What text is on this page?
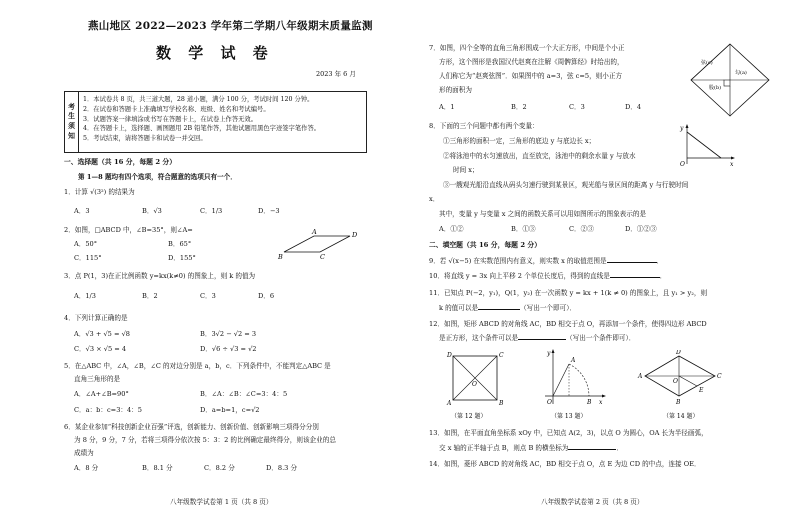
燕山地区 2022—2023 学年第二学期八年级期末质量监测
数 学 试 卷
2023 年 6 月
考
生
须
知
1．本试卷共 8 页，共三道大题，28 道小题，满分 100 分，考试时间 120 分钟。
2．在试卷和答题卡上准确填写学校名称、班级、姓名和考试编号。
3．试题答案一律填涂或书写在答题卡上，在试卷上作答无效。
4．在答题卡上，选择题、画图题用 2B 铅笔作答，其他试题用黑色字迹签字笔作答。
5．考试结束，请将答题卡和试卷一并交回。
一、选择题（共 16 分，每题 2 分）
第 1—8 题均有四个选项，符合题意的选项只有一个．
1．计算 √(3²) 的结果为
A．3	B．√3	C．1/3	D．−3
2．如图，□ABCD 中，∠B=35°，则∠A=
A．50°	B．65°
C．115°	D．155°
A	D
B	C
3．点 P(1，3)在正比例函数 y=kx(k≠0) 的图象上，则 k 的值为
A．1/3	B．2	C．3	D．6
4．下列计算正确的是
A．√3 + √5 = √8	B．3√2 − √2 = 3
C．√3 × √5 = 4	D．√6 ÷ √3 = √2
5．在△ABC 中，∠A，∠B，∠C 的对边分别是 a，b，c．下列条件中，不能判定△ABC 是
直角三角形的是
A．∠A+∠B=90°	B．∠A：∠B：∠C=3：4：5
C．a：b：c=3：4：5	D．a=b=1，c=√2
6．某企业参加“科技创新企业百强”评选，创新能力、创新价值、创新影响三项得分分别
为 8 分，9 分，7 分，若将三项得分依次按 5：3：2 的比例确定最终得分，则该企业的总
成绩为
A．8 分	B．8.1 分	C．8.2 分	D．8.3 分
八年级数学试卷第 1 页（共 8 页）
7．如图，四个全等的直角三角形围成一个大正方形，中间是个小正
方形，这个图形是我国汉代赵爽在注解《周髀算经》时给出的，
人们称它为“赵爽弦图”．如果图中的 a=3，弦 c=5，则小正方
形的面积为
A．1	B．2	C．3	D．4
弦(c)
勾(a)
股(b)
8．下面的三个问题中都有两个变量：
①三角形的面积一定，三角形的底边 y 与底边长 x；
②将泳池中的水匀速放出，直至放完，泳池中的剩余水量 y 与放水
时间 x；
③一艘观光船沿直线从码头匀速行驶到某景区，观光船与景区间的距离 y 与行驶时间
x．
其中，变量 y 与变量 x 之间的函数关系可以用如图所示的图象表示的是
A．①②	B．①③	C．②③	D．①②③
y
x
O
二、填空题（共 16 分，每题 2 分）
9．若 √(x−5) 在实数范围内有意义，则实数 x 的取值范围是	．
10．将直线 y = 3x 向上平移 2 个单位长度后，得到的直线是	．
11．已知点 P(−2，y₁)，Q(1，y₂) 在一次函数 y = kx + 1(k ≠ 0) 的图象上，且 y₁ > y₂，则
k 的值可以是	（写出一个即可）．
12．如图，矩形 ABCD 的对角线 AC，BD 相交于点 O，再添加一个条件，使得四边形 ABCD
是正方形，这个条件可以是	（写出一个条件即可）．
D	C
A	B
O
（第 12 题）
y
x
A
O	B
（第 13 题）
A
D
C
B
E
O
（第 14 题）
13．如图，在平面直角坐标系 xOy 中，已知点 A(2，3)，以点 O 为圆心，OA 长为半径画弧，
交 x 轴的正半轴于点 B，则点 B 的横坐标为	．
14．如图，菱形 ABCD 的对角线 AC，BD 相交于点 O，点 E 为边 CD 的中点，连接 OE．
八年级数学试卷第 2 页（共 8 页）
